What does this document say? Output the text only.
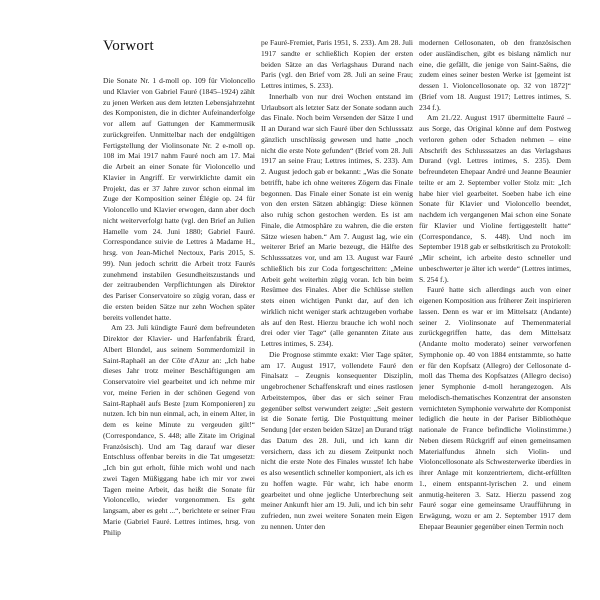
Vorwort

Die Sonate Nr. 1 d-moll op. 109 für Violoncello und Klavier von Gabriel Fauré (1845–1924) zählt zu jenen Werken aus dem letzten Lebensjahrzehnt des Komponisten, die in dichter Aufeinanderfolge vor allem auf Gattungen der Kammermusik zurückgreifen. Unmittelbar nach der endgültigen Fertigstellung der Violinsonate Nr. 2 e-moll op. 108 im Mai 1917 nahm Fauré noch am 17. Mai die Arbeit an einer Sonate für Violoncello und Klavier in Angriff. Er verwirklichte damit ein Projekt, das er 37 Jahre zuvor schon einmal im Zuge der Komposition seiner Élégie op. 24 für Violoncello und Klavier erwogen, dann aber doch nicht weiterverfolgt hatte (vgl. den Brief an Julien Hamelle vom 24. Juni 1880; Gabriel Fauré. Correspondance suivie de Lettres à Madame H., hrsg. von Jean-Michel Nectoux, Paris 2015, S. 99). Nun jedoch schritt die Arbeit trotz Faurés zunehmend instabilen Gesundheitszustands und der zeitraubenden Verpflichtungen als Direktor des Pariser Conservatoire so zügig voran, dass er die ersten beiden Sätze nur zehn Wochen später bereits vollendet hatte.

Am 23. Juli kündigte Fauré dem befreundeten Direktor der Klavier- und Harfenfabrik Érard, Albert Blondel, aus seinem Sommerdomizil in Saint-Raphaël an der Côte d'Azur an: „Ich habe dieses Jahr trotz meiner Beschäftigungen am Conservatoire viel gearbeitet und ich nehme mir vor, meine Ferien in der schönen Gegend von Saint-Raphaël aufs Beste [zum Komponieren] zu nutzen. Ich bin nun einmal, ach, in einem Alter, in dem es keine Minute zu vergeuden gilt!“ (Correspondance, S. 448; alle Zitate im Original Französisch). Und am Tag darauf war dieser Entschluss offenbar bereits in die Tat umgesetzt: „Ich bin gut erholt, fühle mich wohl und nach zwei Tagen Müßiggang habe ich mir vor zwei Tagen meine Arbeit, das heißt die Sonate für Violoncello, wieder vorgenommen. Es geht langsam, aber es geht ...“, berichtete er seiner Frau Marie (Gabriel Fauré. Lettres intimes, hrsg. von Philip

pe Fauré-Fremiet, Paris 1951, S. 233). Am 28. Juli 1917 sandte er schließlich Kopien der ersten beiden Sätze an das Verlagshaus Durand nach Paris (vgl. den Brief vom 28. Juli an seine Frau; Lettres intimes, S. 233).

Innerhalb von nur drei Wochen entstand im Urlaubsort als letzter Satz der Sonate sodann auch das Finale. Noch beim Versenden der Sätze I und II an Durand war sich Fauré über den Schlusssatz gänzlich unschlüssig gewesen und hatte „noch nicht die erste Note gefunden“ (Brief vom 28. Juli 1917 an seine Frau; Lettres intimes, S. 233). Am 2. August jedoch gab er bekannt: „Was die Sonate betrifft, habe ich ohne weiteres Zögern das Finale begonnen. Das Finale einer Sonate ist ein wenig von den ersten Sätzen abhängig: Diese können also ruhig schon gestochen werden. Es ist am Finale, die Atmosphäre zu wahren, die die ersten Sätze wiesen haben.“ Am 7. August lag, wie ein weiterer Brief an Marie bezeugt, die Hälfte des Schlusssatzes vor, und am 13. August war Fauré schließlich bis zur Coda fortgeschritten: „Meine Arbeit geht weiterhin zügig voran. Ich bin beim Resümee des Finales. Aber die Schlüsse stellen stets einen wichtigen Punkt dar, auf den ich wirklich nicht weniger stark achtzugeben vorhabe als auf den Rest. Hierzu brauche ich wohl noch drei oder vier Tage“ (alle genannten Zitate aus Lettres intimes, S. 234).

Die Prognose stimmte exakt: Vier Tage später, am 17. August 1917, vollendete Fauré den Finalsatz – Zeugnis konsequenter Disziplin, ungebrochener Schaffenskraft und eines rastlosen Arbeitstempos, über das er sich seiner Frau gegenüber selbst verwundert zeigte: „Seit gestern ist die Sonate fertig. Die Postquittung meiner Sendung [der ersten beiden Sätze] an Durand trägt das Datum des 28. Juli, und ich kann dir versichern, dass ich zu diesem Zeitpunkt noch nicht die erste Note des Finales wusste! Ich habe es also wesentlich schneller komponiert, als ich es zu hoffen wagte. Für wahr, ich habe enorm gearbeitet und ohne jegliche Unterbrechung seit meiner Ankunft hier am 19. Juli, und ich bin sehr zufrieden, nun zwei weitere Sonaten mein Eigen zu nennen. Unter den

modernen Cellosonaten, ob den französischen oder ausländischen, gibt es bislang nämlich nur eine, die gefällt, die jenige von Saint-Saëns, die zudem eines seiner besten Werke ist [gemeint ist dessen 1. Violoncellosonate op. 32 von 1872]“ (Brief vom 18. August 1917; Lettres intimes, S. 234 f.).

Am 21./22. August 1917 übermittelte Fauré – aus Sorge, das Original könne auf dem Postweg verloren gehen oder Schaden nehmen – eine Abschrift des Schlusssatzes an das Verlagshaus Durand (vgl. Lettres intimes, S. 235). Dem befreundeten Ehepaar André und Jeanne Beaunier teilte er am 2. September voller Stolz mit: „Ich habe hier viel gearbeitet. Soeben habe ich eine Sonate für Klavier und Violoncello beendet, nachdem ich vergangenen Mai schon eine Sonate für Klavier und Violine fertiggestellt hatte“ (Correspondance, S. 448). Und noch im September 1918 gab er selbstkritisch zu Protokoll: „Mir scheint, ich arbeite desto schneller und unbeschwerter je älter ich werde“ (Lettres intimes, S. 254 f.).

Fauré hatte sich allerdings auch von einer eigenen Komposition aus früherer Zeit inspirieren lassen. Denn es war er im Mittelsatz (Andante) seiner 2. Violinsonate auf Themenmaterial zurückgegriffen hatte, das dem Mittelsatz (Andante molto moderato) seiner verworfenen Symphonie op. 40 von 1884 entstammte, so hatte er für den Kopfsatz (Allegro) der Cellosonate d-moll das Thema des Kopfsatzes (Allegro deciso) jener Symphonie d-moll herangezogen. Als melodisch-thematisches Konzentrat der ansonsten vernichteten Symphonie verwahrte der Komponist lediglich die heute in der Pariser Bibliothèque nationale de France befindliche Violinstimme.) Neben diesem Rückgriff auf einen gemeinsamen Materialfundus ähneln sich Violin- und Violoncellosonate als Schwesterwerke überdies in ihrer Anlage mit konzentriertem, dicht-erfüllten 1., einem entspannt-lyrischen 2. und einem anmutig-heiteren 3. Satz. Hierzu passend zog Fauré sogar eine gemeinsame Uraufführung in Erwägung, wozu er am 2. September 1917 dem Ehepaar Beaunier gegenüber einen Termin noch
